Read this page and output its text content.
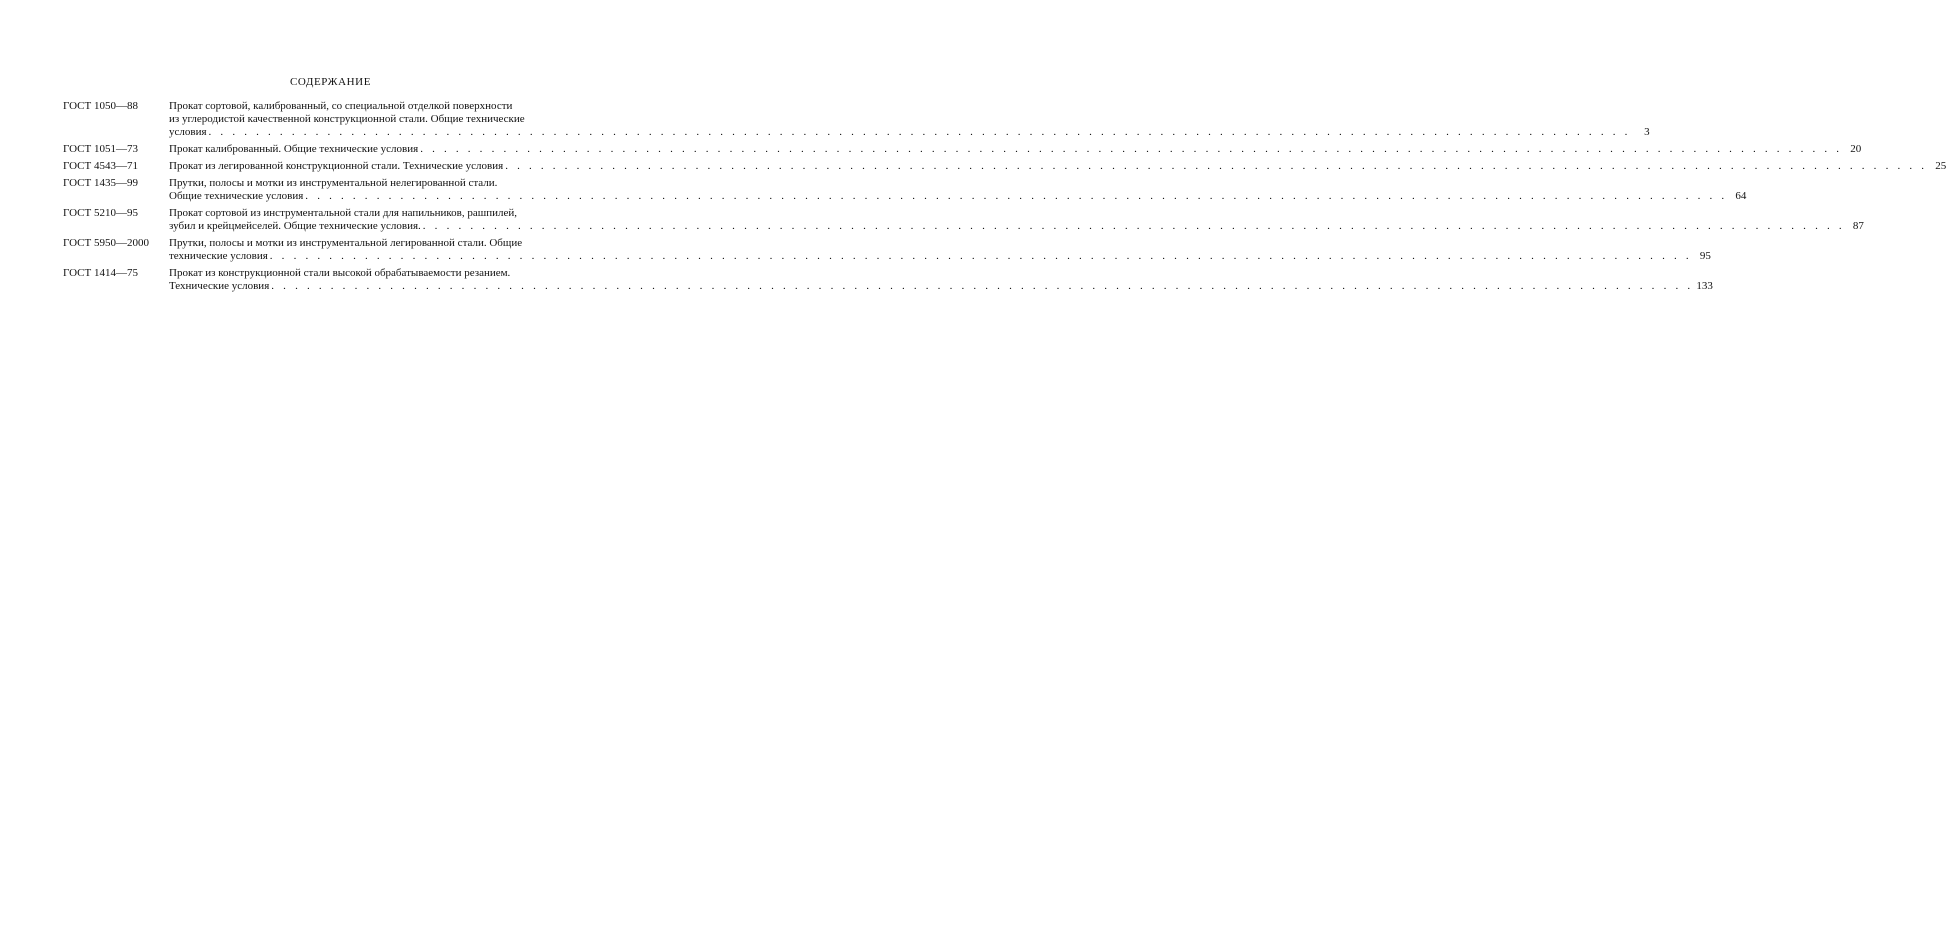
СОДЕРЖАНИЕ
ГОСТ 1050—88	Прокат сортовой, калиброванный, со специальной отделкой поверхности
из углеродистой качественной конструкционной стали. Общие технические
условия . . . . . . . . . . . . . . . . . . . . . . . . . . . . . . . . . . . . . . . . . . . . . . . . . . . . . . . . . . . . . . . . . . . . . . . . . . . . . . . . . . . . . . . . . . . . . . . . . . . . . . . . . . . . . . . . . . . . . . . .	3
ГОСТ 1051—73	Прокат калиброванный. Общие технические условия . . . . . . . . . . . . . . . . . . . . . . . . . . . . . . . . . . . . . . . . . . . . . . . . . . . . . . . . . . . . . . . . . . . . . . . . . . . . . . . . . . . . . . . . . . . . . . . . . . . . . . . . . . . . . . . . . . . . . . . . 20
ГОСТ 4543—71	Прокат из легированной конструкционной стали. Технические условия . . . . . . . . . . . . . . . . . . . . . . . . . . . . . . . . . . . . . . . . . . . . . . . . . . . . . . . . . . . . . . . . . . . . . . . . . . . . . . . . . . . . . . . . . . . . . . . . . . . . . . . . . . . . . . . . . . . . . . . . 25
ГОСТ 1435—99	Прутки, полосы и мотки из инструментальной нелегированной стали.
Общие технические условия . . . . . . . . . . . . . . . . . . . . . . . . . . . . . . . . . . . . . . . . . . . . . . . . . . . . . . . . . . . . . . . . . . . . . . . . . . . . . . . . . . . . . . . . . . . . . . . . . . . . . . . . . . . . . . . . . . . . . . . . 64
ГОСТ 5210—95	Прокат сортовой из инструментальной стали для напильников, рашпилей,
зубил и крейцмейселей. Общие технические условия. . . . . . . . . . . . . . . . . . . . . . . . . . . . . . . . . . . . . . . . . . . . . . . . . . . . . . . . . . . . . . . . . . . . . . . . . . . . . . . . . . . . . . . . . . . . . . . . . . . . . . . . . . . . . . . . . . . . . . . . . 87
ГОСТ 5950—2000	Прутки, полосы и мотки из инструментальной легированной стали. Общие
технические условия . . . . . . . . . . . . . . . . . . . . . . . . . . . . . . . . . . . . . . . . . . . . . . . . . . . . . . . . . . . . . . . . . . . . . . . . . . . . . . . . . . . . . . . . . . . . . . . . . . . . . . . . . . . . . . . . . . . . . . . . 95
ГОСТ 1414—75	Прокат из конструкционной стали высокой обрабатываемости резанием.
Технические условия . . . . . . . . . . . . . . . . . . . . . . . . . . . . . . . . . . . . . . . . . . . . . . . . . . . . . . . . . . . . . . . . . . . . . . . . . . . . . . . . . . . . . . . . . . . . . . . . . . . . . . . . . . . . . . . . . . . . . . . . 133
